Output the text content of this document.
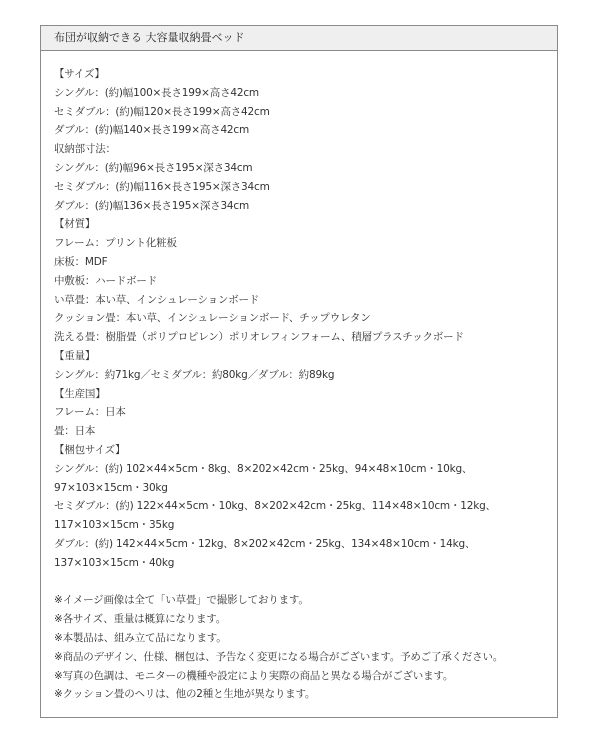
布団が収納できる 大容量収納畳ベッド
【サイズ】
シングル：(約)幅100×長さ199×高さ42cm
セミダブル：(約)幅120×長さ199×高さ42cm
ダブル：(約)幅140×長さ199×高さ42cm
収納部寸法：
シングル：(約)幅96×長さ195×深さ34cm
セミダブル：(約)幅116×長さ195×深さ34cm
ダブル：(約)幅136×長さ195×深さ34cm
【材質】
フレーム：プリント化粧板
床板：MDF
中敷板：ハードボード
い草畳：本い草、インシュレーションボード
クッション畳：本い草、インシュレーションボード、チップウレタン
洗える畳：樹脂畳（ポリプロピレン）ポリオレフィンフォーム、積層プラスチックボード
【重量】
シングル：約71kg／セミダブル：約80kg／ダブル：約89kg
【生産国】
フレーム：日本
畳：日本
【梱包サイズ】
シングル：(約) 102×44×5cm・8kg、8×202×42cm・25kg、94×48×10cm・10kg、
97×103×15cm・30kg
セミダブル：(約) 122×44×5cm・10kg、8×202×42cm・25kg、114×48×10cm・12kg、
117×103×15cm・35kg
ダブル：(約) 142×44×5cm・12kg、8×202×42cm・25kg、134×48×10cm・14kg、
137×103×15cm・40kg
※イメージ画像は全て「い草畳」で撮影しております。
※各サイズ、重量は概算になります。
※本製品は、組み立て品になります。
※商品のデザイン、仕様、梱包は、予告なく変更になる場合がございます。予めご了承ください。
※写真の色調は、モニターの機種や設定により実際の商品と異なる場合がございます。
※クッション畳のヘリは、他の2種と生地が異なります。
